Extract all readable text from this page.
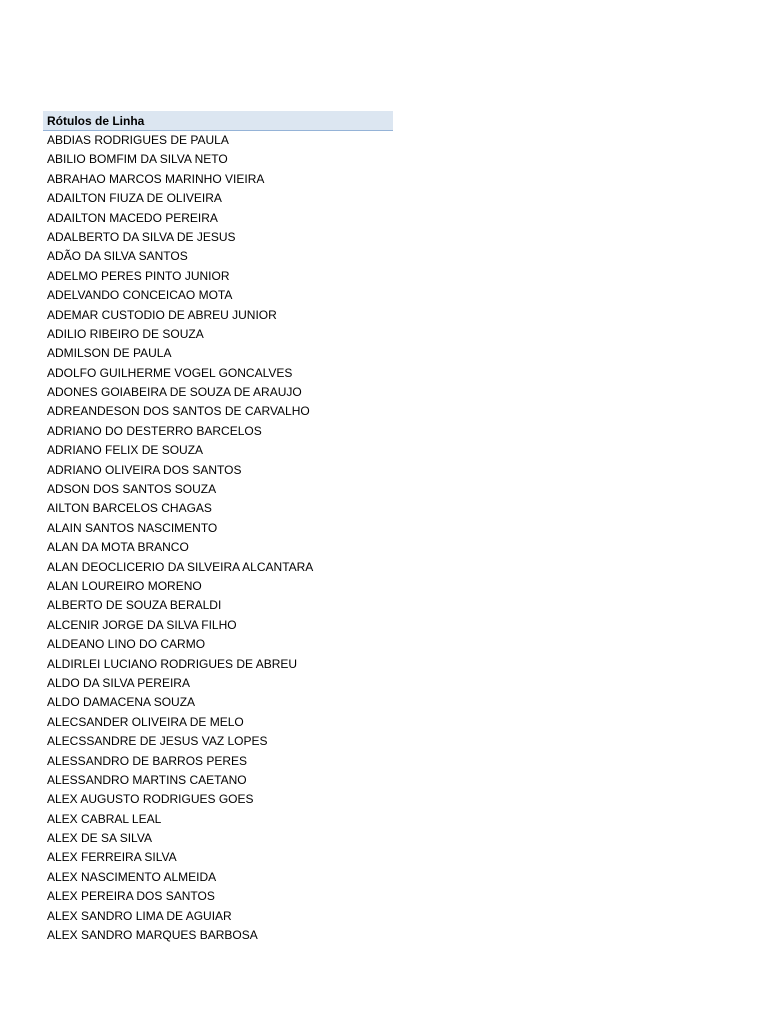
Rótulos de Linha
ABDIAS RODRIGUES DE PAULA
ABILIO BOMFIM DA SILVA NETO
ABRAHAO MARCOS MARINHO VIEIRA
ADAILTON FIUZA DE OLIVEIRA
ADAILTON MACEDO PEREIRA
ADALBERTO DA SILVA DE JESUS
ADÃO DA SILVA SANTOS
ADELMO PERES PINTO JUNIOR
ADELVANDO CONCEICAO MOTA
ADEMAR CUSTODIO DE ABREU JUNIOR
ADILIO RIBEIRO DE SOUZA
ADMILSON DE PAULA
ADOLFO GUILHERME VOGEL GONCALVES
ADONES GOIABEIRA DE SOUZA DE ARAUJO
ADREANDESON DOS SANTOS DE CARVALHO
ADRIANO DO DESTERRO BARCELOS
ADRIANO FELIX DE SOUZA
ADRIANO OLIVEIRA DOS SANTOS
ADSON DOS SANTOS SOUZA
AILTON BARCELOS CHAGAS
ALAIN SANTOS NASCIMENTO
ALAN DA MOTA BRANCO
ALAN DEOCLICERIO DA SILVEIRA ALCANTARA
ALAN LOUREIRO MORENO
ALBERTO DE SOUZA BERALDI
ALCENIR JORGE DA SILVA FILHO
ALDEANO LINO DO CARMO
ALDIRLEI LUCIANO RODRIGUES DE ABREU
ALDO DA SILVA PEREIRA
ALDO DAMACENA SOUZA
ALECSANDER OLIVEIRA DE MELO
ALECSSANDRE DE JESUS VAZ LOPES
ALESSANDRO DE BARROS PERES
ALESSANDRO MARTINS CAETANO
ALEX AUGUSTO RODRIGUES GOES
ALEX CABRAL LEAL
ALEX DE SA SILVA
ALEX FERREIRA SILVA
ALEX NASCIMENTO ALMEIDA
ALEX PEREIRA DOS SANTOS
ALEX SANDRO LIMA DE AGUIAR
ALEX SANDRO MARQUES BARBOSA
